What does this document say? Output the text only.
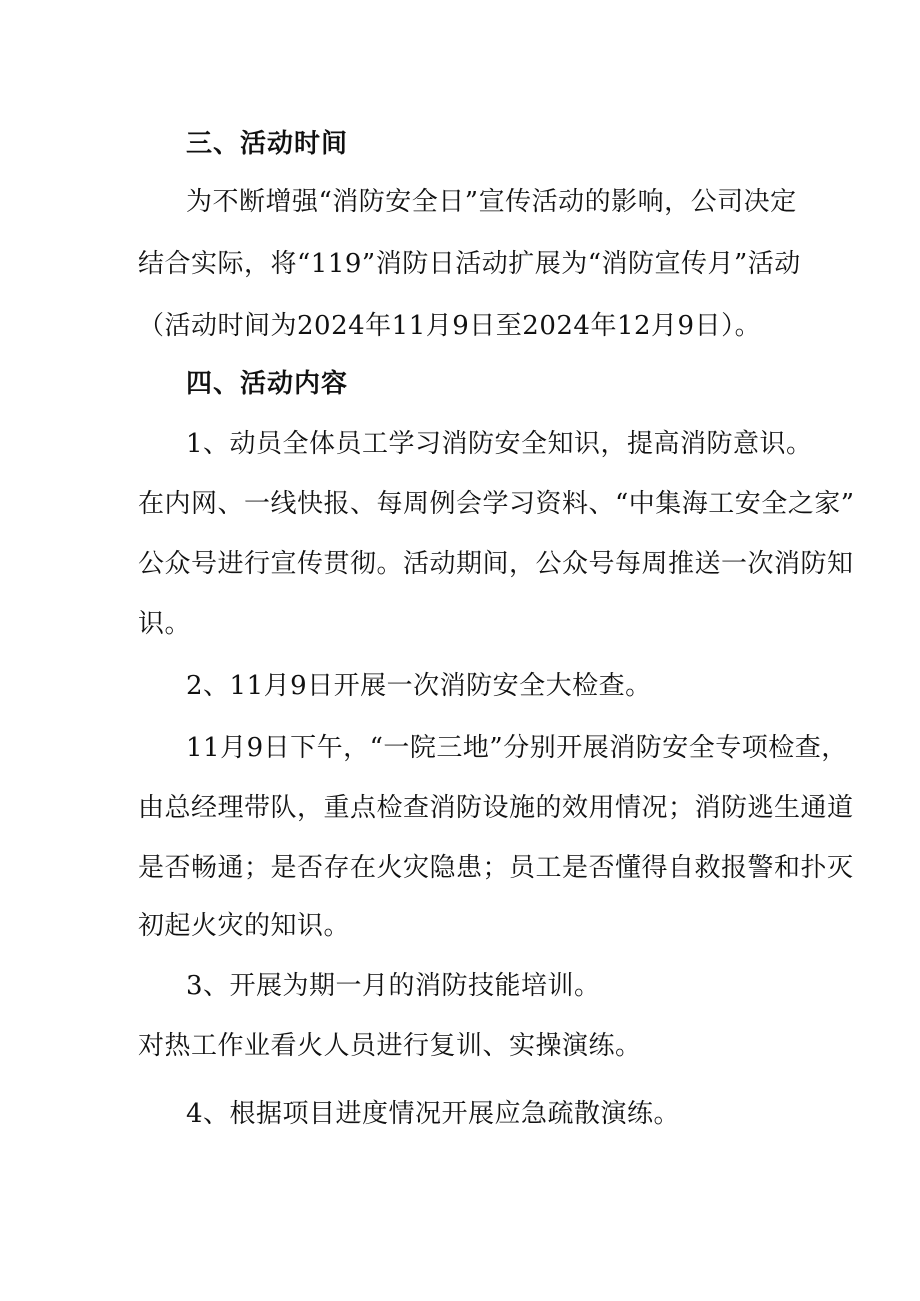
三、活动时间

为不断增强“消防安全日”宣传活动的影响，公司决定

结合实际，将“119”消防日活动扩展为“消防宣传月”活动

（活动时间为2024年11月9日至2024年12月9日）。

四、活动内容

1、动员全体员工学习消防安全知识，提高消防意识。

在内网、一线快报、每周例会学习资料、“中集海工安全之家”

公众号进行宣传贯彻。活动期间，公众号每周推送一次消防知

识。

2、11月9日开展一次消防安全大检查。

11月9日下午，“一院三地”分别开展消防安全专项检查，

由总经理带队，重点检查消防设施的效用情况；消防逃生通道

是否畅通；是否存在火灾隐患；员工是否懂得自救报警和扑灭

初起火灾的知识。

3、开展为期一月的消防技能培训。

对热工作业看火人员进行复训、实操演练。

4、根据项目进度情况开展应急疏散演练。
